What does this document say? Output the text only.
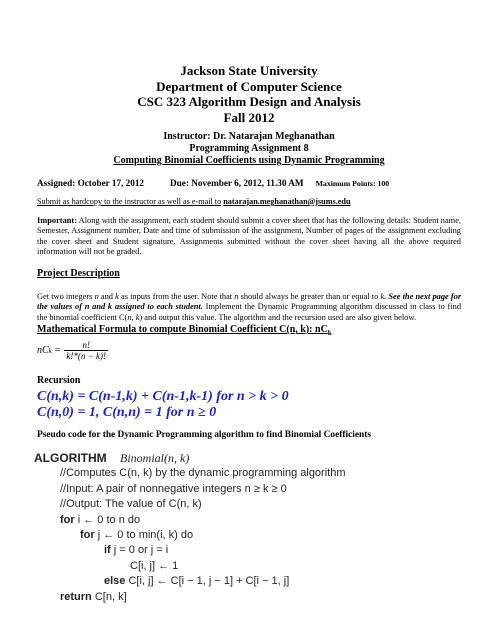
Jackson State University
Department of Computer Science
CSC 323 Algorithm Design and Analysis
Fall 2012
Instructor: Dr. Natarajan Meghanathan
Programming Assignment 8
Computing Binomial Coefficients using Dynamic Programming
Assigned: October 17, 2012	Due: November 6, 2012, 11.30 AM Maximum Points: 100
Submit as hardcopy to the instructor as well as e-mail to natarajan.meghanathan@jsums.edu
Important: Along with the assignment, each student should submit a cover sheet that has the following details: Student name, Semester, Assignment number, Date and time of submission of the assignment, Number of pages of the assignment excluding the cover sheet and Student signature. Assignments submitted without the cover sheet having all the above required information will not be graded.
Project Description
Get two integers n and k as inputs from the user. Note that n should always be greater than or equal to k. See the next page for the values of n and k assigned to each student. Implement the Dynamic Programming algorithm discussed in class to find the binomial coefficient C(n, k) and output this value. The algorithm and the recursion used are also given below.
Mathematical Formula to compute Binomial Coefficient C(n, k): $nC_k$
nC $k = \frac{n!}{k!*(n - k)!}$
Recursion
C(n,k) = C(n-1,k) + C(n-1,k-1) for n > k > 0
C(n,0) = 1, C(n,n) = 1 for n ≥ 0
Pseudo code for the Dynamic Programming algorithm to find Binomial Coefficients
ALGORITHM Binomial(n, k)
//Computes C(n, k) by the dynamic programming algorithm
//Input: A pair of nonnegative integers n ≥ k ≥ 0
//Output: The value of C(n, k)
for i ← 0 to n do
for j ← 0 to min(i, k) do
if j = 0 or j = i
C[i, j] ← 1
else C[i, j] ← C[i − 1, j − 1] + C[i − 1, j]
return C[n, k]
